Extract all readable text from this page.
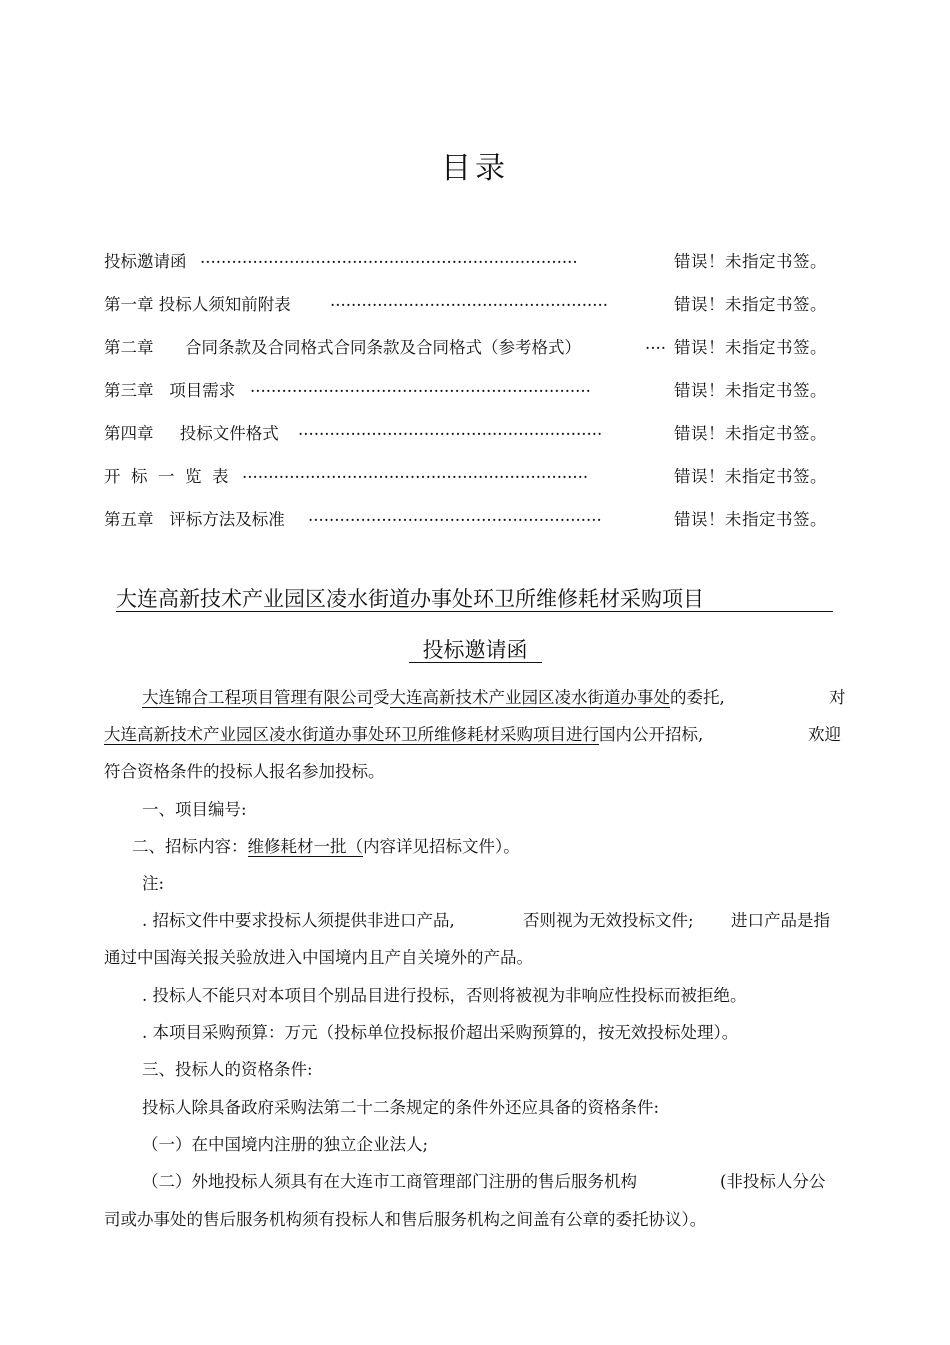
目录
投标邀请函 ........................................................................	错误！未指定书签。
第一章 投标人须知前附表 .....................................................	错误！未指定书签。
第二章      合同条款及合同格式合同条款及合同格式（参考格式）	.... 错误！未指定书签。
第三章   项目需求 .................................................................	错误！未指定书签。
第四章     投标文件格式 ..........................................................	错误！未指定书签。
开  标  一  览  表 ..................................................................	错误！未指定书签。
第五章   评标方法及标准 ........................................................	错误！未指定书签。
大连高新技术产业园区凌水街道办事处环卫所维修耗材采购项目
投标邀请函
大连锦合工程项目管理有限公司受大连高新技术产业园区凌水街道办事处的委托,	对
大连高新技术产业园区凌水街道办事处环卫所维修耗材采购项目进行国内公开招标,	欢迎
符合资格条件的投标人报名参加投标。
一、项目编号:
二、招标内容：维修耗材一批（内容详见招标文件）。
注:
. 招标文件中要求投标人须提供非进口产品,	否则视为无效投标文件; 进口产品是指
通过中国海关报关验放进入中国境内且产自关境外的产品。
. 投标人不能只对本项目个别品目进行投标，否则将被视为非响应性投标而被拒绝。
. 本项目采购预算：万元（投标单位投标报价超出采购预算的，按无效投标处理）。
三、投标人的资格条件:
投标人除具备政府采购法第二十二条规定的条件外还应具备的资格条件:
（一）在中国境内注册的独立企业法人;
（二）外地投标人须具有在大连市工商管理部门注册的售后服务机构	(非投标人分公
司或办事处的售后服务机构须有投标人和售后服务机构之间盖有公章的委托协议）。
